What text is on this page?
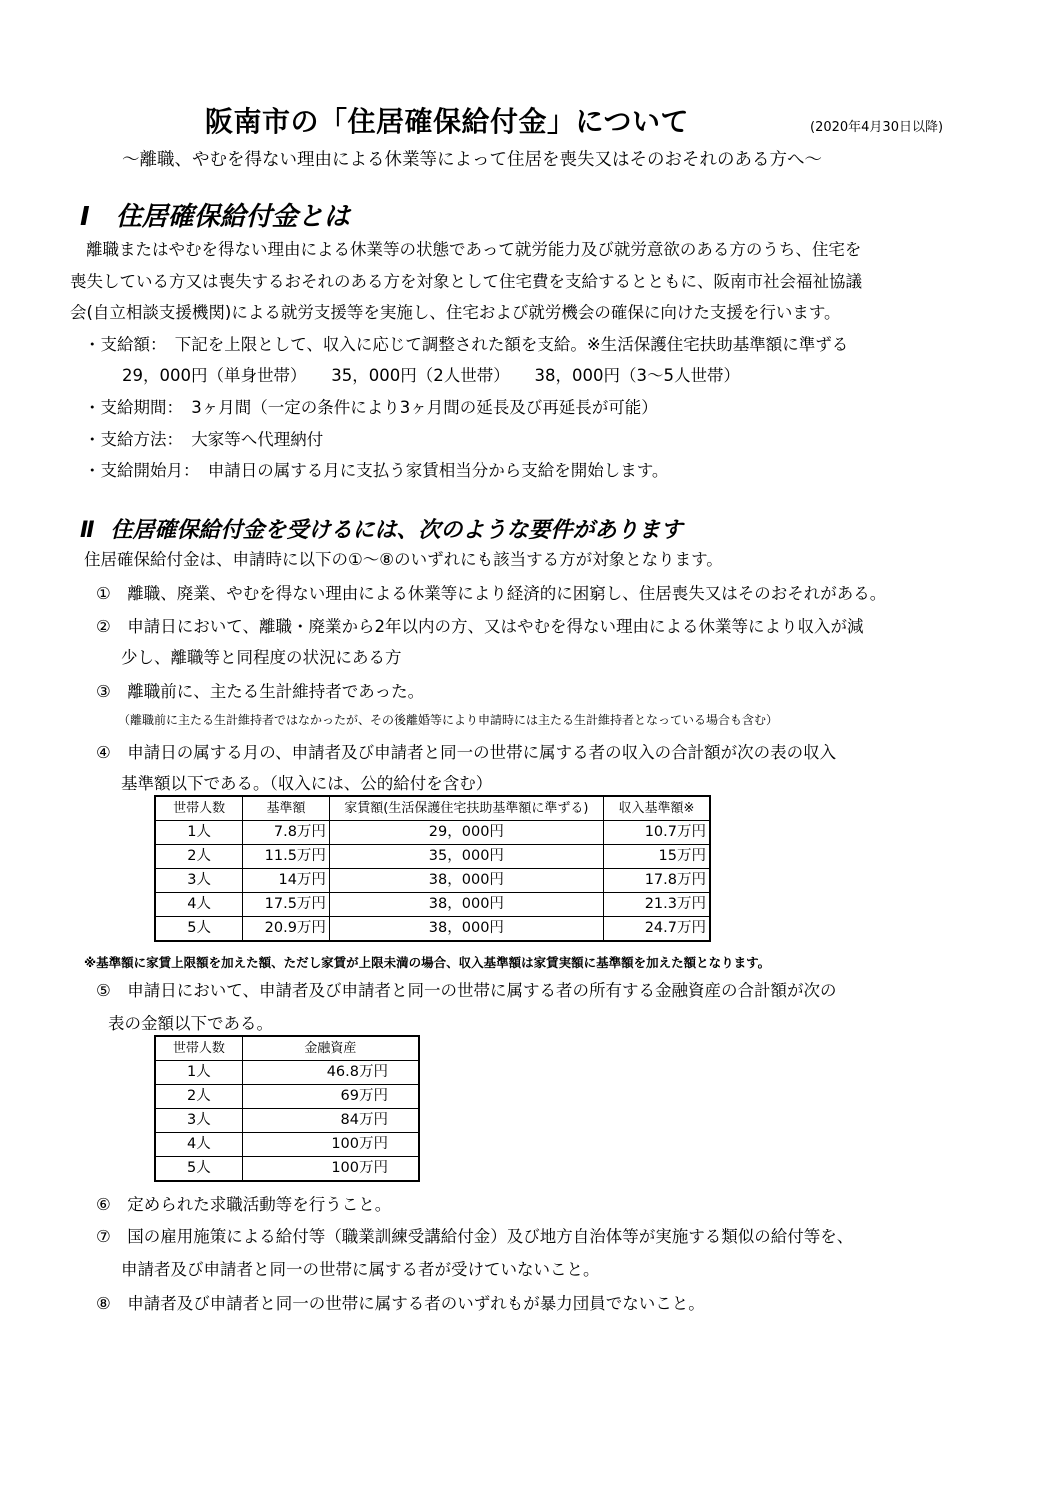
阪南市の「住居確保給付金」について	(2020年4月30日以降)
～離職、やむを得ない理由による休業等によって住居を喪失又はそのおそれのある方へ～
Ⅰ 住居確保給付金とは
離職またはやむを得ない理由による休業等の状態であって就労能力及び就労意欲のある方のうち、住宅を
喪失している方又は喪失するおそれのある方を対象として住宅費を支給するとともに、阪南市社会福祉協議
会(自立相談支援機関)による就労支援等を実施し、住宅および就労機会の確保に向けた支援を行います。
・支給額：　下記を上限として、収入に応じて調整された額を支給。※生活保護住宅扶助基準額に準ずる
29，000円（単身世帯）　　35，000円（2人世帯）　　38，000円（3～5人世帯）
・支給期間：　3ヶ月間（一定の条件により3ヶ月間の延長及び再延長が可能）
・支給方法：　大家等へ代理納付
・支給開始月：　申請日の属する月に支払う家賃相当分から支給を開始します。
Ⅱ 住居確保給付金を受けるには、次のような要件があります
住居確保給付金は、申請時に以下の①～⑧のいずれにも該当する方が対象となります。
①　離職、廃業、やむを得ない理由による休業等により経済的に困窮し、住居喪失又はそのおそれがある。
②　申請日において、離職・廃業から2年以内の方、又はやむを得ない理由による休業等により収入が減
少し、離職等と同程度の状況にある方
③　離職前に、主たる生計維持者であった。
（離職前に主たる生計維持者ではなかったが、その後離婚等により申請時には主たる生計維持者となっている場合も含む）
④　申請日の属する月の、申請者及び申請者と同一の世帯に属する者の収入の合計額が次の表の収入
基準額以下である。（収入には、公的給付を含む）
世帯人数	基準額	家賃額(生活保護住宅扶助基準額に準ずる)	収入基準額※
1人	7.8万円	29，000円	10.7万円
2人	11.5万円	35，000円	15万円
3人	14万円	38，000円	17.8万円
4人	17.5万円	38，000円	21.3万円
5人	20.9万円	38，000円	24.7万円
※基準額に家賃上限額を加えた額、ただし家賃が上限未満の場合、収入基準額は家賃実額に基準額を加えた額となります。
⑤　申請日において、申請者及び申請者と同一の世帯に属する者の所有する金融資産の合計額が次の
表の金額以下である。
世帯人数	金融資産
1人	46.8万円
2人	69万円
3人	84万円
4人	100万円
5人	100万円
⑥　定められた求職活動等を行うこと。
⑦　国の雇用施策による給付等（職業訓練受講給付金）及び地方自治体等が実施する類似の給付等を、
申請者及び申請者と同一の世帯に属する者が受けていないこと。
⑧　申請者及び申請者と同一の世帯に属する者のいずれもが暴力団員でないこと。
